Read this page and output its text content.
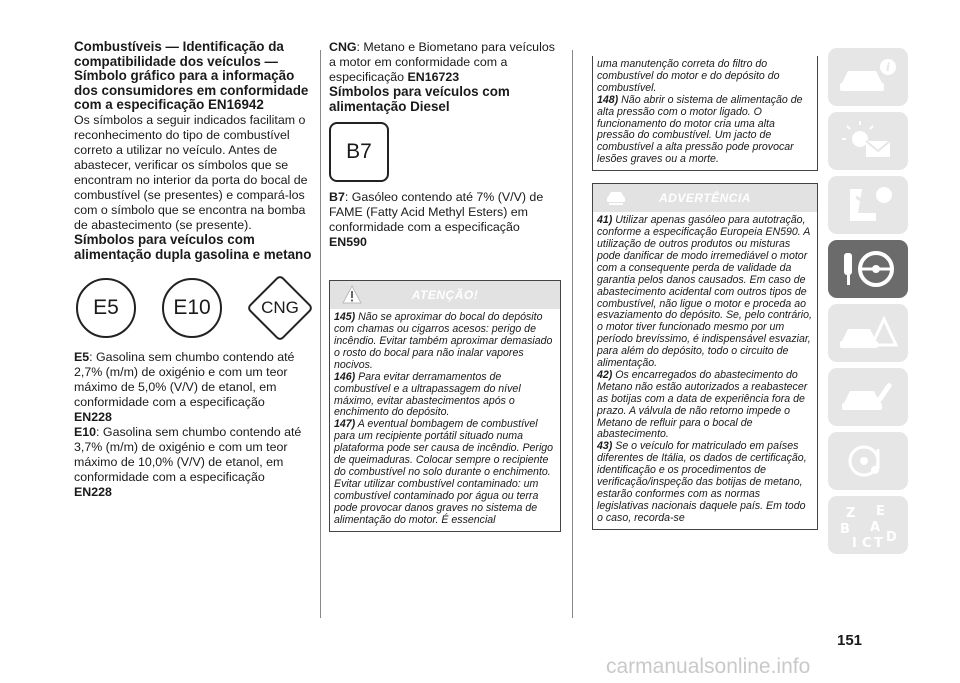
Combustíveis — Identificação da compatibilidade dos veículos — Símbolo gráfico para a informação dos consumidores em conformidade com a especificação EN16942

Os símbolos a seguir indicados facilitam o reconhecimento do tipo de combustível correto a utilizar no veículo. Antes de abastecer, verificar os símbolos que se encontram no interior da porta do bocal de combustível (se presentes) e compará-los com o símbolo que se encontra na bomba de abastecimento (se presente).

Símbolos para veículos com alimentação dupla gasolina e metano
E5	E10	CNG

E5: Gasolina sem chumbo contendo até 2,7% (m/m) de oxigénio e com um teor máximo de 5,0% (V/V) de etanol, em conformidade com a especificação
EN228

E10: Gasolina sem chumbo contendo até 3,7% (m/m) de oxigénio e com um teor máximo de 10,0% (V/V) de etanol, em conformidade com a especificação
EN228

CNG: Metano e Biometano para veículos a motor em conformidade com a especificação EN16723

Símbolos para veículos com alimentação Diesel
B7

B7: Gasóleo contendo até 7% (V/V) de FAME (Fatty Acid Methyl Esters) em conformidade com a especificação
EN590

ATENÇÃO!

145) Não se aproximar do bocal do depósito com chamas ou cigarros acesos: perigo de incêndio. Evitar também aproximar demasiado o rosto do bocal para não inalar vapores nocivos.

146) Para evitar derramamentos de combustível e a ultrapassagem do nível máximo, evitar abastecimentos após o enchimento do depósito.

147) A eventual bombagem de combustível para um recipiente portátil situado numa plataforma pode ser causa de incêndio. Perigo de queimaduras. Colocar sempre o recipiente do combustível no solo durante o enchimento. Evitar utilizar combustível contaminado: um combustível contaminado por água ou terra pode provocar danos graves no sistema de alimentação do motor. É essencial

uma manutenção correta do filtro do combustível do motor e do depósito do combustível.

148) Não abrir o sistema de alimentação de alta pressão com o motor ligado. O funcionamento do motor cria uma alta pressão do combustível. Um jacto de combustível a alta pressão pode provocar lesões graves ou a morte.

ADVERTÊNCIA

41) Utilizar apenas gasóleo para autotração, conforme a especificação Europeia EN590. A utilização de outros produtos ou misturas pode danificar de modo irremediável o motor com a consequente perda de validade da garantia pelos danos causados. Em caso de abastecimento acidental com outros tipos de combustível, não ligue o motor e proceda ao esvaziamento do depósito. Se, pelo contrário, o motor tiver funcionado mesmo por um período brevíssimo, é indispensável esvaziar, para além do depósito, todo o circuito de alimentação.

42) Os encarregados do abastecimento do Metano não estão autorizados a reabastecer as botijas com a data de experiência fora de prazo. A válvula de não retorno impede o Metano de refluir para o bocal de abastecimento.

43) Se o veículo for matriculado em países diferentes de Itália, os dados de certificação, identificação e os procedimentos de verificação/inspeção das botijas de metano, estarão conformes com as normas legislativas nacionais daquele país. Em todo o caso, recorda-se

i
Z E
B A
I C T D
151
carmanualsonline.info
